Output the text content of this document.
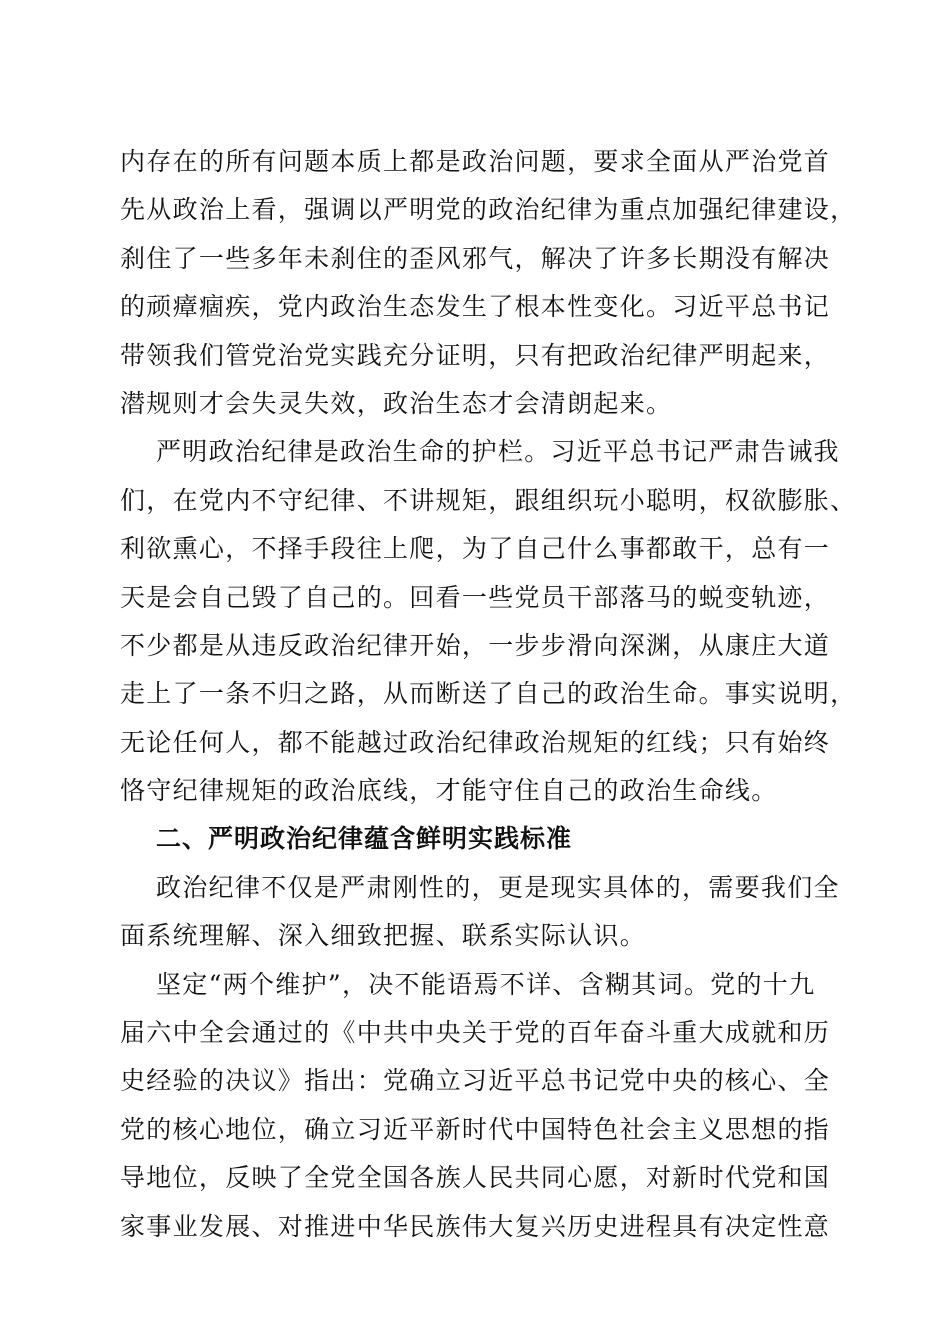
内存在的所有问题本质上都是政治问题，要求全面从严治党首
先从政治上看，强调以严明党的政治纪律为重点加强纪律建设，
刹住了一些多年未刹住的歪风邪气，解决了许多长期没有解决
的顽瘴痼疾，党内政治生态发生了根本性变化。习近平总书记
带领我们管党治党实践充分证明，只有把政治纪律严明起来，
潜规则才会失灵失效，政治生态才会清朗起来。
严明政治纪律是政治生命的护栏。习近平总书记严肃告诫我
们，在党内不守纪律、不讲规矩，跟组织玩小聪明，权欲膨胀、
利欲熏心，不择手段往上爬，为了自己什么事都敢干，总有一
天是会自己毁了自己的。回看一些党员干部落马的蜕变轨迹，
不少都是从违反政治纪律开始，一步步滑向深渊，从康庄大道
走上了一条不归之路，从而断送了自己的政治生命。事实说明，
无论任何人，都不能越过政治纪律政治规矩的红线；只有始终
恪守纪律规矩的政治底线，才能守住自己的政治生命线。
二、严明政治纪律蕴含鲜明实践标准
政治纪律不仅是严肃刚性的，更是现实具体的，需要我们全
面系统理解、深入细致把握、联系实际认识。
坚定“两个维护”，决不能语焉不详、含糊其词。党的十九
届六中全会通过的《中共中央关于党的百年奋斗重大成就和历
史经验的决议》指出：党确立习近平总书记党中央的核心、全
党的核心地位，确立习近平新时代中国特色社会主义思想的指
导地位，反映了全党全国各族人民共同心愿，对新时代党和国
家事业发展、对推进中华民族伟大复兴历史进程具有决定性意
